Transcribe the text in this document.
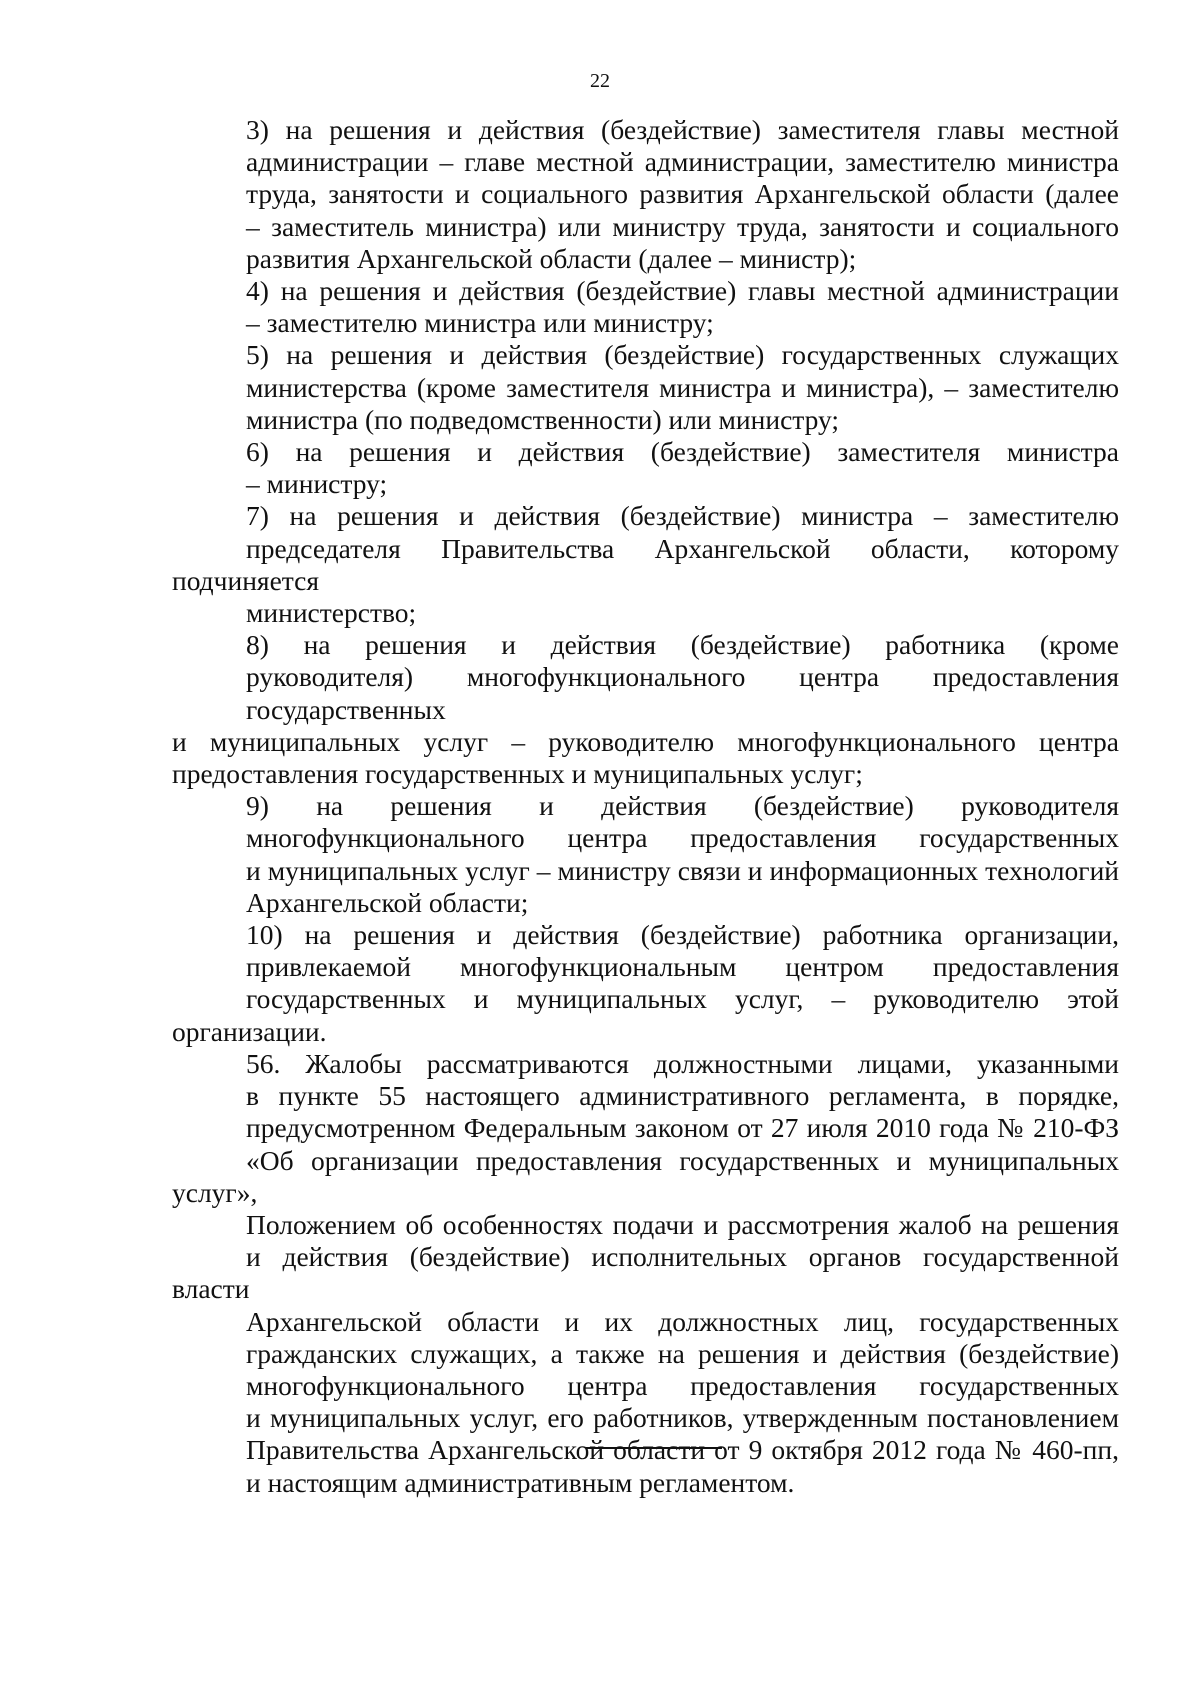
22

3) на решения и действия (бездействие) заместителя главы местной
администрации – главе местной администрации, заместителю министра
труда, занятости и социального развития Архангельской области (далее
– заместитель министра) или министру труда, занятости и социального
развития Архангельской области (далее – министр);

4) на решения и действия (бездействие) главы местной администрации
– заместителю министра или министру;

5) на решения и действия (бездействие) государственных служащих
министерства (кроме заместителя министра и министра), – заместителю
министра (по подведомственности) или министру;

6) на решения и действия (бездействие) заместителя министра
– министру;

7) на решения и действия (бездействие) министра – заместителю
председателя Правительства Архангельской области, которому подчиняется
министерство;

8) на решения и действия (бездействие) работника (кроме
руководителя) многофункционального центра предоставления
государственных

и муниципальных услуг – руководителю многофункционального центра
предоставления государственных и муниципальных услуг;

9) на решения и действия (бездействие) руководителя
многофункционального центра предоставления государственных
и муниципальных услуг – министру связи и информационных технологий
Архангельской области;

10) на решения и действия (бездействие) работника организации,
привлекаемой многофункциональным центром предоставления
государственных и муниципальных услуг, – руководителю этой организации.

56. Жалобы рассматриваются должностными лицами, указанными
в пункте 55 настоящего административного регламента, в порядке,
предусмотренном Федеральным законом от 27 июля 2010 года № 210-ФЗ
«Об организации предоставления государственных и муниципальных услуг»,
Положением об особенностях подачи и рассмотрения жалоб на решения
и действия (бездействие) исполнительных органов государственной власти
Архангельской области и их должностных лиц, государственных
гражданских служащих, а также на решения и действия (бездействие)
многофункционального центра предоставления государственных
и муниципальных услуг, его работников, утвержденным постановлением
Правительства Архангельской области от 9 октября 2012 года № 460-пп,
и настоящим административным регламентом.
